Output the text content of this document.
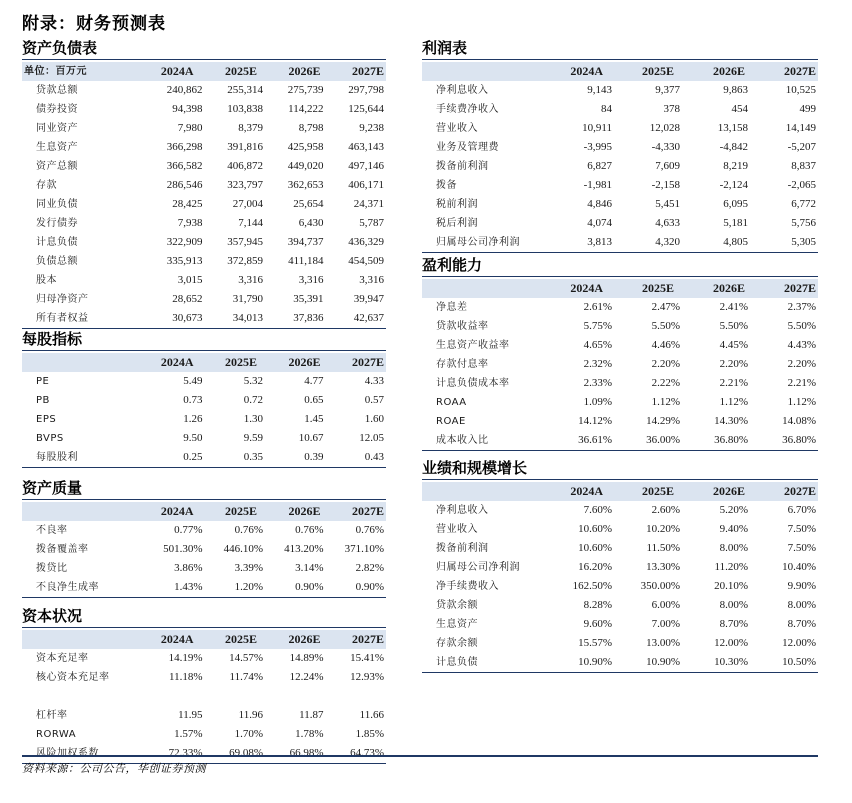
附录：财务预测表
资产负债表
单位：百万元	2024A	2025E	2026E	2027E
贷款总额	240,862	255,314	275,739	297,798
债券投资	94,398	103,838	114,222	125,644
同业资产	7,980	8,379	8,798	9,238
生息资产	366,298	391,816	425,958	463,143
资产总额	366,582	406,872	449,020	497,146
存款	286,546	323,797	362,653	406,171
同业负债	28,425	27,004	25,654	24,371
发行债券	7,938	7,144	6,430	5,787
计息负债	322,909	357,945	394,737	436,329
负债总额	335,913	372,859	411,184	454,509
股本	3,015	3,316	3,316	3,316
归母净资产	28,652	31,790	35,391	39,947
所有者权益	30,673	34,013	37,836	42,637
每股指标
2024A	2025E	2026E	2027E
PE	5.49	5.32	4.77	4.33
PB	0.73	0.72	0.65	0.57
EPS	1.26	1.30	1.45	1.60
BVPS	9.50	9.59	10.67	12.05
每股股利	0.25	0.35	0.39	0.43
资产质量
2024A	2025E	2026E	2027E
不良率	0.77%	0.76%	0.76%	0.76%
拨备覆盖率	501.30%	446.10%	413.20%	371.10%
拨贷比	3.86%	3.39%	3.14%	2.82%
不良净生成率	1.43%	1.20%	0.90%	0.90%
资本状况
2024A	2025E	2026E	2027E
资本充足率	14.19%	14.57%	14.89%	15.41%
核心资本充足率	11.18%	11.74%	12.24%	12.93%
杠杆率	11.95	11.96	11.87	11.66
RORWA	1.57%	1.70%	1.78%	1.85%
风险加权系数	72.33%	69.08%	66.98%	64.73%
利润表
2024A	2025E	2026E	2027E
净利息收入	9,143	9,377	9,863	10,525
手续费净收入	84	378	454	499
营业收入	10,911	12,028	13,158	14,149
业务及管理费	-3,995	-4,330	-4,842	-5,207
拨备前利润	6,827	7,609	8,219	8,837
拨备	-1,981	-2,158	-2,124	-2,065
税前利润	4,846	5,451	6,095	6,772
税后利润	4,074	4,633	5,181	5,756
归属母公司净利润	3,813	4,320	4,805	5,305
盈利能力
2024A	2025E	2026E	2027E
净息差	2.61%	2.47%	2.41%	2.37%
贷款收益率	5.75%	5.50%	5.50%	5.50%
生息资产收益率	4.65%	4.46%	4.45%	4.43%
存款付息率	2.32%	2.20%	2.20%	2.20%
计息负债成本率	2.33%	2.22%	2.21%	2.21%
ROAA	1.09%	1.12%	1.12%	1.12%
ROAE	14.12%	14.29%	14.30%	14.08%
成本收入比	36.61%	36.00%	36.80%	36.80%
业绩和规模增长
2024A	2025E	2026E	2027E
净利息收入	7.60%	2.60%	5.20%	6.70%
营业收入	10.60%	10.20%	9.40%	7.50%
拨备前利润	10.60%	11.50%	8.00%	7.50%
归属母公司净利润	16.20%	13.30%	11.20%	10.40%
净手续费收入	162.50%	350.00%	20.10%	9.90%
贷款余额	8.28%	6.00%	8.00%	8.00%
生息资产	9.60%	7.00%	8.70%	8.70%
存款余额	15.57%	13.00%	12.00%	12.00%
计息负债	10.90%	10.90%	10.30%	10.50%
资料来源：公司公告，华创证券预测
